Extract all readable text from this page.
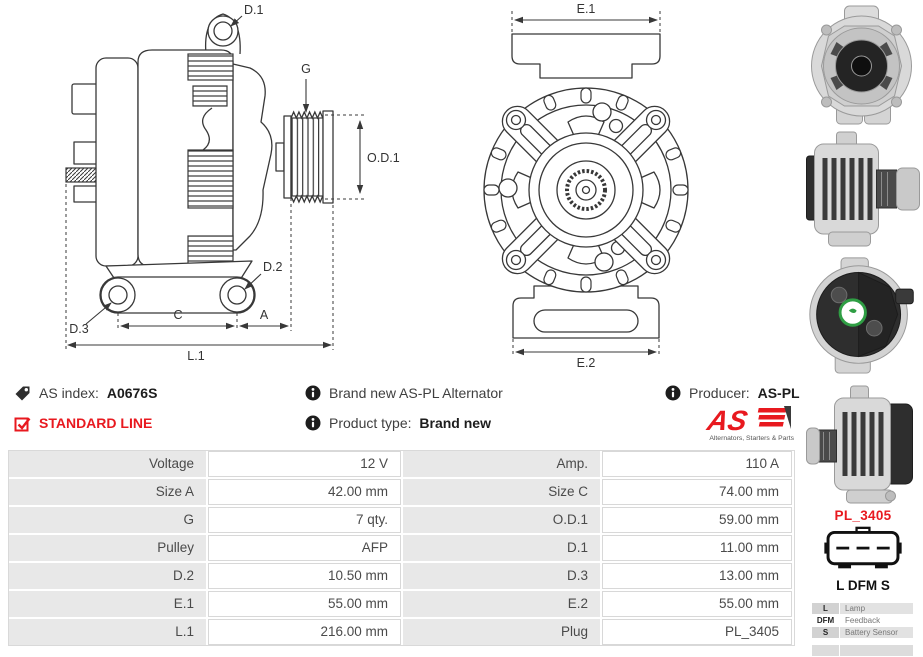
D.1
G
O.D.1
D.2
D.3
C	A
L.1
E.1
E.2
AS index: A0676S	Brand new AS-PL Alternator	Producer: AS-PL
STANDARD LINE	Product type: Brand new	AS
Alternators, Starters & Parts
Voltage	12 V	Amp.	110 A
Size A	42.00 mm	Size C	74.00 mm
G	7 qty.	O.D.1	59.00 mm
Pulley	AFP	D.1	11.00 mm
D.2	10.50 mm	D.3	13.00 mm
E.1	55.00 mm	E.2	55.00 mm
L.1	216.00 mm	Plug	PL_3405
PL_3405
L DFM S
L	Lamp
DFM	Feedback
S	Battery Sensor
